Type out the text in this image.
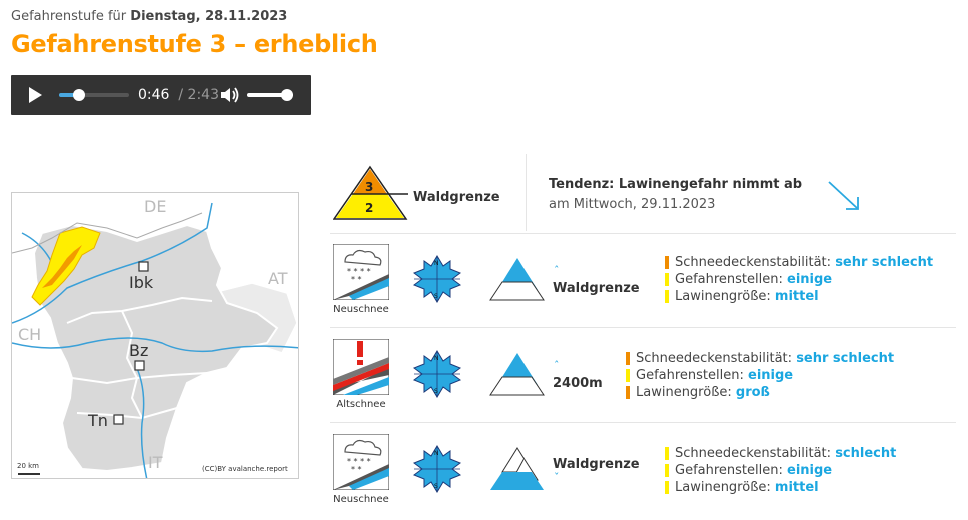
Gefahrenstufe für Dienstag, 28.11.2023
Gefahrenstufe 3 – erheblich
0:46 / 2:43
DE
AT
CH
IT
Ibk
Bz
Tn
20 km	(CC)BY avalanche.report
3
2
Waldgrenze
Tendenz: Lawinengefahr nimmt ab
am Mittwoch, 29.11.2023
* * * *
* *
Neuschnee
N
S
ˆ
Waldgrenze
Schneedeckenstabilität: sehr schlecht
Gefahrenstellen: einige
Lawinengröße: mittel
Altschnee
N
S
ˆ
2400m
Schneedeckenstabilität: sehr schlecht
Gefahrenstellen: einige
Lawinengröße: groß
* * * *
* *
Neuschnee
N
S
Waldgrenze
ˇ
Schneedeckenstabilität: schlecht
Gefahrenstellen: einige
Lawinengröße: mittel
